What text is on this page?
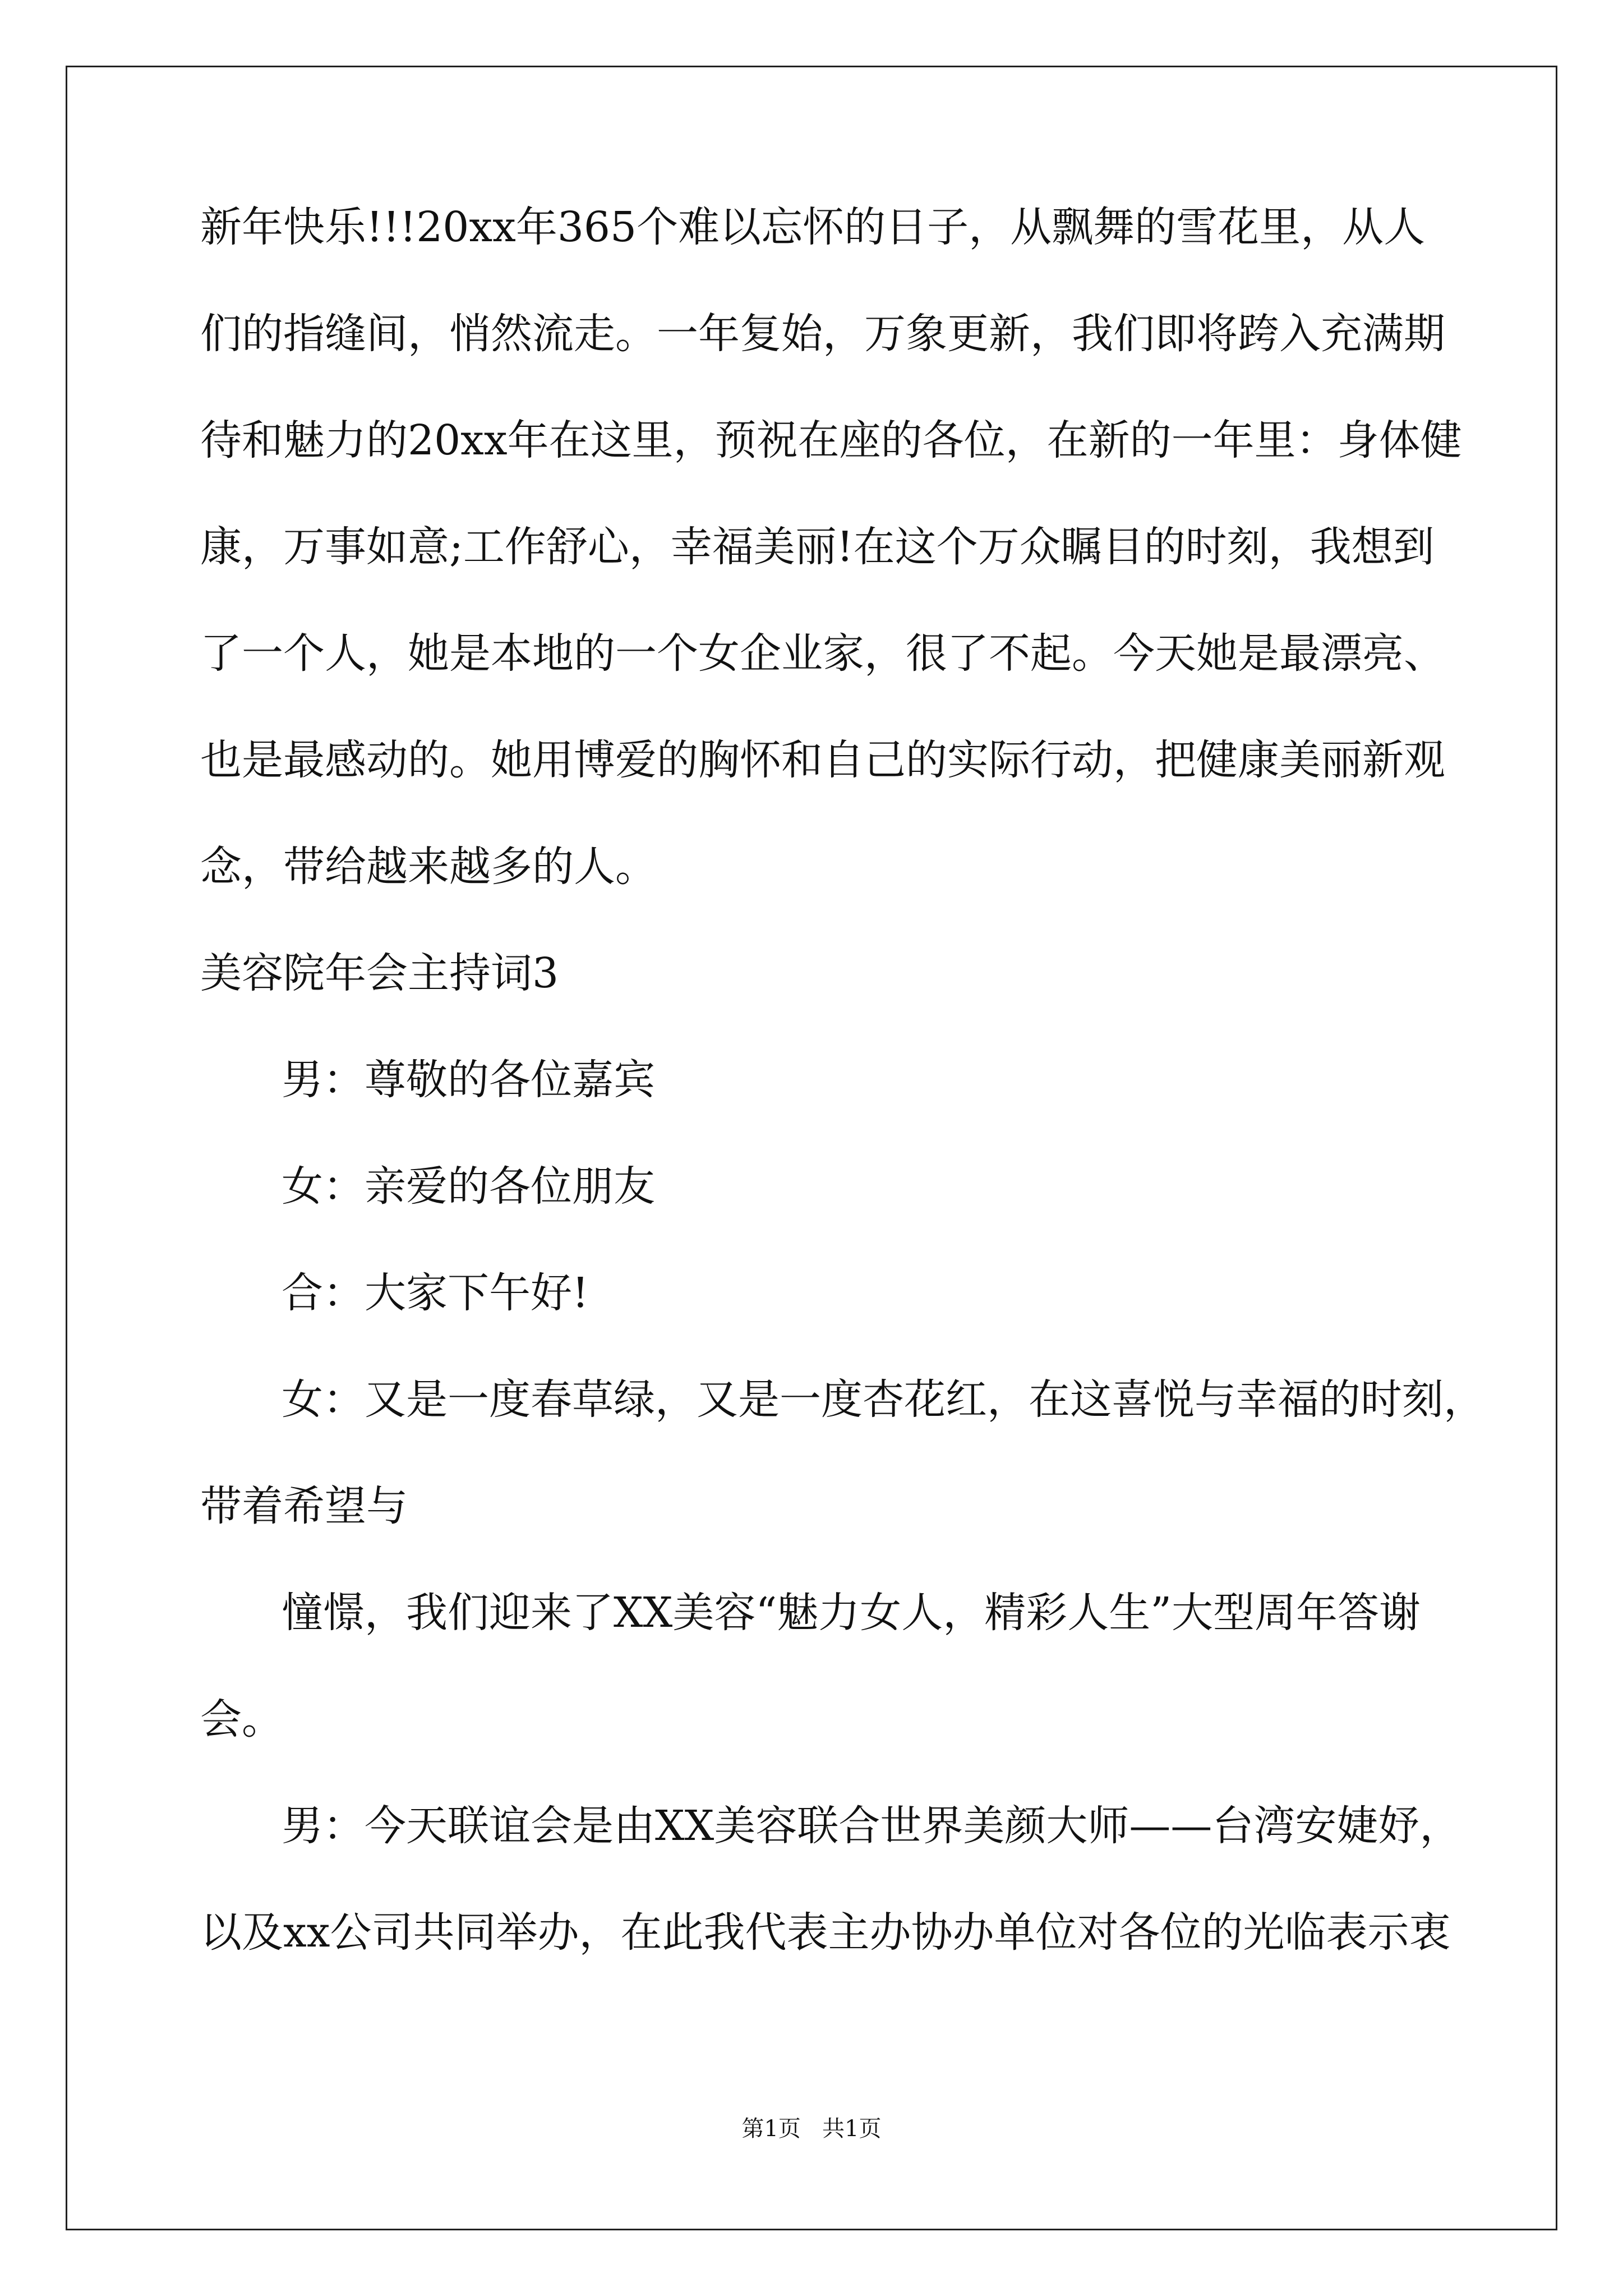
新年快乐!!!20xx年365个难以忘怀的日子，从飘舞的雪花里，从人
们的指缝间，悄然流走。一年复始，万象更新，我们即将跨入充满期
待和魅力的20xx年在这里，预祝在座的各位，在新的一年里：身体健
康，万事如意;工作舒心，幸福美丽!在这个万众瞩目的时刻，我想到
了一个人，她是本地的一个女企业家，很了不起。今天她是最漂亮、
也是最感动的。她用博爱的胸怀和自己的实际行动，把健康美丽新观
念，带给越来越多的人。
美容院年会主持词3
男：尊敬的各位嘉宾
女：亲爱的各位朋友
合：大家下午好!
女：又是一度春草绿，又是一度杏花红，在这喜悦与幸福的时刻，
带着希望与
憧憬，我们迎来了XX美容“魅力女人，精彩人生”大型周年答谢
会。
男：今天联谊会是由XX美容联合世界美颜大师——台湾安婕妤，
以及xx公司共同举办，在此我代表主办协办单位对各位的光临表示衷
第1页   共1页
